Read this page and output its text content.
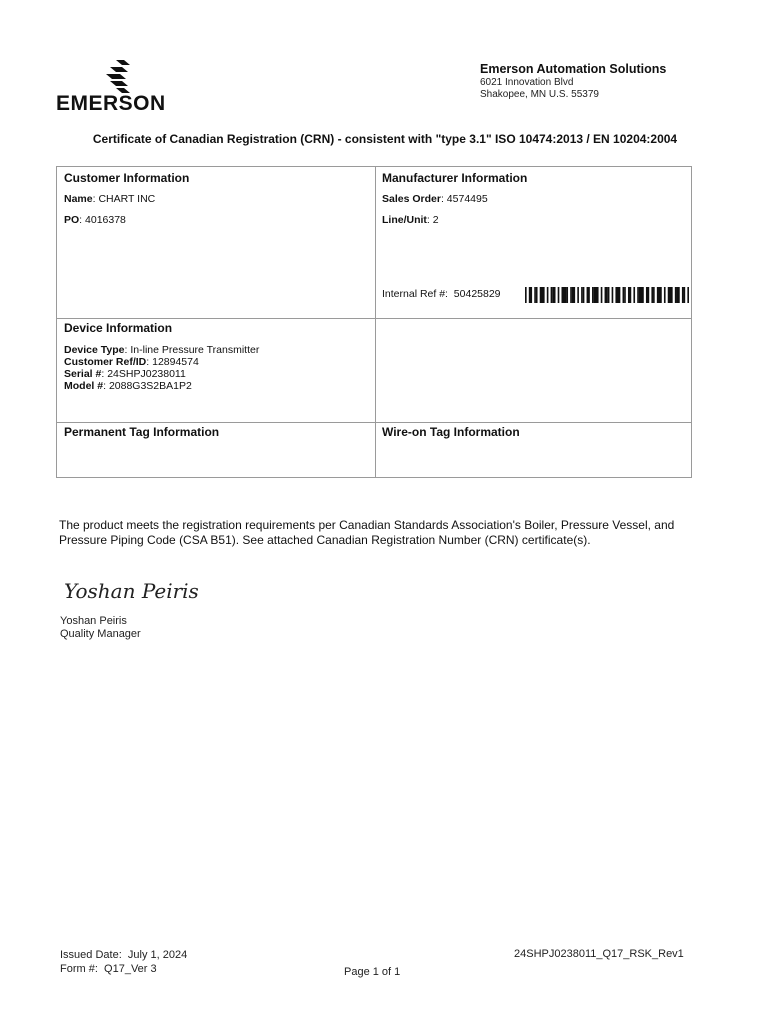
EMERSON
Emerson Automation Solutions
6021 Innovation Blvd
Shakopee, MN U.S. 55379
Certificate of Canadian Registration (CRN) - consistent with "type 3.1" ISO 10474:2013 / EN 10204:2004
Customer Information
Name: CHART INC
PO: 4016378
Manufacturer Information
Sales Order: 4574495
Line/Unit: 2
Internal Ref #: 50425829
Device Information
Device Type: In-line Pressure Transmitter
Customer Ref/ID: 12894574
Serial #: 24SHPJ0238011
Model #: 2088G3S2BA1P2
Permanent Tag Information	Wire-on Tag Information
The product meets the registration requirements per Canadian Standards Association's Boiler, Pressure Vessel, and Pressure Piping Code (CSA B51). See attached Canadian Registration Number (CRN) certificate(s).
Yoshan Peiris
Yoshan Peiris
Quality Manager
Issued Date: July 1, 2024
Form #: Q17_Ver 3	Page 1 of 1
24SHPJ0238011_Q17_RSK_Rev1
